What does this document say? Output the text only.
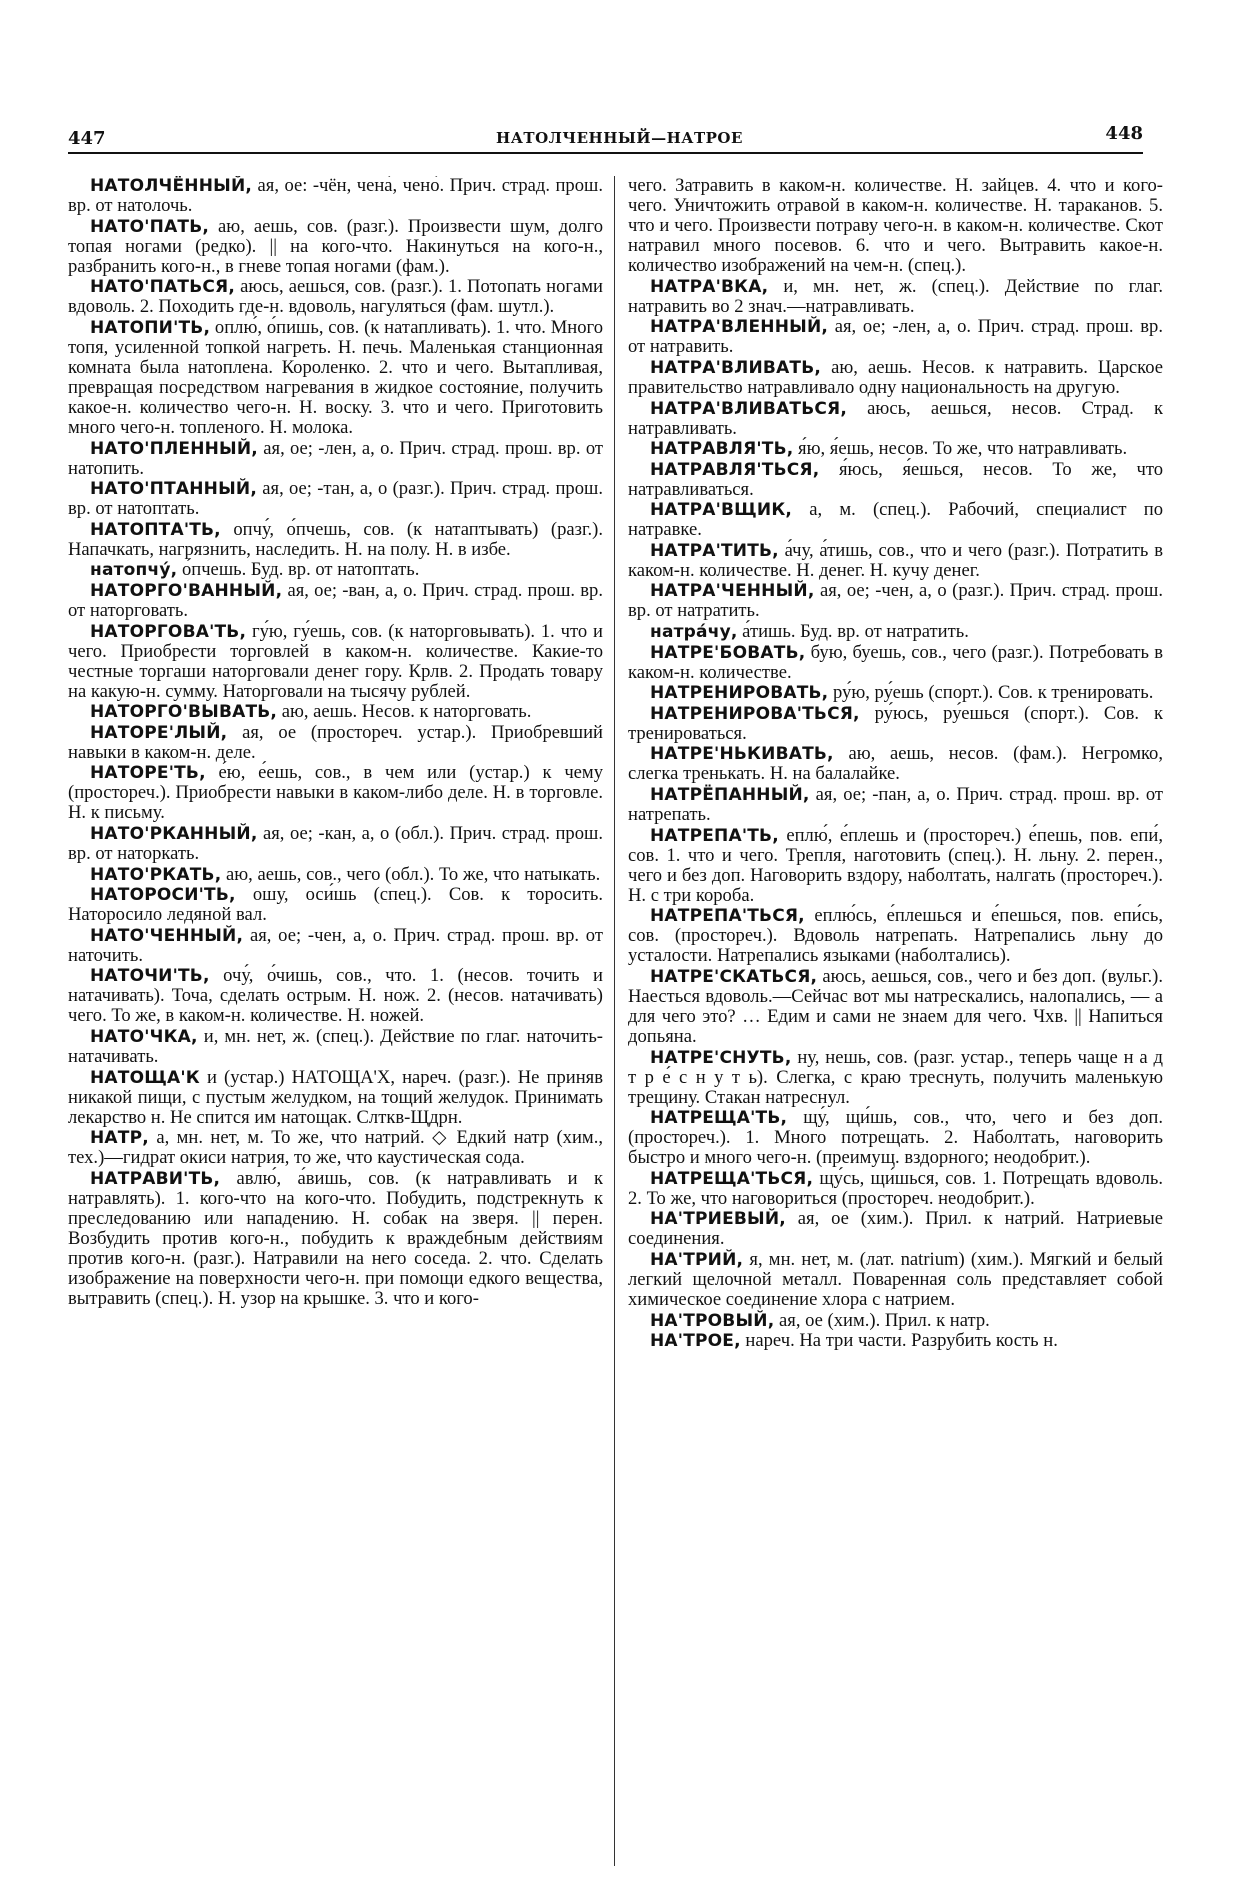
447	НАТОЛЧЕННЫЙ—НАТРОЕ	448

НАТОЛЧЁННЫЙ, ая, ое: -чён, чена́, чено́. Прич. страд. прош. вр. от натолочь.

НАТО'ПАТЬ, аю, аешь, сов. (разг.). Произвести шум, долго топая ногами (редко). || на кого-что. Накинуться на кого-н., разбранить кого-н., в гневе топая ногами (фам.).

НАТО'ПАТЬСЯ, аюсь, аешься, сов. (разг.). 1. Потопать ногами вдоволь. 2. Походить где-н. вдоволь, нагуляться (фам. шутл.).

НАТОПИ'ТЬ, оплю́, о́пишь, сов. (к натапливать). 1. что. Много топя, усиленной топкой нагреть. Н. печь. Маленькая станционная комната была натоплена. Короленко. 2. что и чего. Вытапливая, превращая посредством нагревания в жидкое состояние, получить какое-н. количество чего-н. Н. воску. 3. что и чего. Приготовить много чего-н. топленого. Н. молока.

НАТО'ПЛЕННЫЙ, ая, ое; -лен, а, о. Прич. страд. прош. вр. от натопить.

НАТО'ПТАННЫЙ, ая, ое; -тан, а, о (разг.). Прич. страд. прош. вр. от натоптать.

НАТОПТА'ТЬ, опчу́, о́пчешь, сов. (к натаптывать) (разг.). Напачкать, нагрязнить, наследить. Н. на полу. Н. в избе.

натопчу́, о́пчешь. Буд. вр. от натоптать.

НАТОРГО'ВАННЫЙ, ая, ое; -ван, а, о. Прич. страд. прош. вр. от наторговать.

НАТОРГОВА'ТЬ, гу́ю, гу́ешь, сов. (к наторговывать). 1. что и чего. Приобрести торговлей в каком-н. количестве. Какие-то честные торгаши наторговали денег гору. Крлв. 2. Продать товару на какую-н. сумму. Наторговали на тысячу рублей.

НАТОРГО'ВЫВАТЬ, аю, аешь. Несов. к наторговать.

НАТОРЕ'ЛЫЙ, ая, ое (простореч. устар.). Приобревший навыки в каком-н. деле.

НАТОРЕ'ТЬ, е́ю, е́ешь, сов., в чем или (устар.) к чему (простореч.). Приобрести навыки в каком-либо деле. Н. в торговле. Н. к письму.

НАТО'РКАННЫЙ, ая, ое; -кан, а, о (обл.). Прич. страд. прош. вр. от наторкать.

НАТО'РКАТЬ, аю, аешь, сов., чего (обл.). То же, что натыкать.

НАТОРОСИ'ТЬ, ошу, оси́шь (спец.). Сов. к торосить. Наторосило ледяной вал.

НАТО'ЧЕННЫЙ, ая, ое; -чен, а, о. Прич. страд. прош. вр. от наточить.

НАТОЧИ'ТЬ, очу́, о́чишь, сов., что. 1. (несов. точить и натачивать). Точа, сделать острым. Н. нож. 2. (несов. натачивать) чего. То же, в каком-н. количестве. Н. ножей.

НАТО'ЧКА, и, мн. нет, ж. (спец.). Действие по глаг. наточить-натачивать.

НАТОЩА'К и (устар.) НАТОЩА'Х, нареч. (разг.). Не приняв никакой пищи, с пустым желудком, на тощий желудок. Принимать лекарство н. Не спится им натощак. Слткв-Щдрн.

НАТР, а, мн. нет, м. То же, что натрий. ◇ Едкий натр (хим., тех.)—гидрат окиси натрия, то же, что каустическая сода.

НАТРАВИ'ТЬ, авлю́, а́вишь, сов. (к натравливать и к натравлять). 1. кого-что на кого-что. Побудить, подстрекнуть к преследованию или нападению. Н. собак на зверя. || перен. Возбудить против кого-н., побудить к враждебным действиям против кого-н. (разг.). Натравили на него соседа. 2. что. Сделать изображение на поверхности чего-н. при помощи едкого вещества, вытравить (спец.). Н. узор на крышке. 3. что и кого-

чего. Затравить в каком-н. количестве. Н. зайцев. 4. что и кого-чего. Уничтожить отравой в каком-н. количестве. Н. тараканов. 5. что и чего. Произвести потраву чего-н. в каком-н. количестве. Скот натравил много посевов. 6. что и чего. Вытравить какое-н. количество изображений на чем-н. (спец.).

НАТРА'ВКА, и, мн. нет, ж. (спец.). Действие по глаг. натравить во 2 знач.—натравливать.

НАТРА'ВЛЕННЫЙ, ая, ое; -лен, а, о. Прич. страд. прош. вр. от натравить.

НАТРА'ВЛИВАТЬ, аю, аешь. Несов. к натравить. Царское правительство натравливало одну национальность на другую.

НАТРА'ВЛИВАТЬСЯ, аюсь, аешься, несов. Страд. к натравливать.

НАТРАВЛЯ'ТЬ, я́ю, я́ешь, несов. То же, что натравливать.

НАТРАВЛЯ'ТЬСЯ, я́юсь, я́ешься, несов. То же, что натравливаться.

НАТРА'ВЩИК, а, м. (спец.). Рабочий, специалист по натравке.

НАТРА'ТИТЬ, а́чу, а́тишь, сов., что и чего (разг.). Потратить в каком-н. количестве. Н. денег. Н. кучу денег.

НАТРА'ЧЕННЫЙ, ая, ое; -чен, а, о (разг.). Прич. страд. прош. вр. от натратить.

натра́чу, а́тишь. Буд. вр. от натратить.

НАТРЕ'БОВАТЬ, бую, буешь, сов., чего (разг.). Потребовать в каком-н. количестве.

НАТРЕНИРОВАТЬ, ру́ю, ру́ешь (спорт.). Сов. к тренировать.

НАТРЕНИРОВА'ТЬСЯ, ру́юсь, ру́ешься (спорт.). Сов. к тренироваться.

НАТРЕ'НЬКИВАТЬ, аю, аешь, несов. (фам.). Негромко, слегка тренькать. Н. на балалайке.

НАТРЁПАННЫЙ, ая, ое; -пан, а, о. Прич. страд. прош. вр. от натрепать.

НАТРЕПА'ТЬ, еплю́, е́плешь и (простореч.) е́пешь, пов. епи́, сов. 1. что и чего. Трепля, наготовить (спец.). Н. льну. 2. перен., чего и без доп. Наговорить вздору, наболтать, налгать (простореч.). Н. с три короба.

НАТРЕПА'ТЬСЯ, еплю́сь, е́плешься и е́пешься, пов. епи́сь, сов. (простореч.). Вдоволь натрепать. Натрепались льну до усталости. Натрепались языками (наболтались).

НАТРЕ'СКАТЬСЯ, аюсь, аешься, сов., чего и без доп. (вульг.). Наесться вдоволь.—Сейчас вот мы натрескались, налопались, — а для чего это? … Едим и сами не знаем для чего. Чхв. || Напиться допьяна.

НАТРЕ'СНУТЬ, ну, нешь, сов. (разг. устар., теперь чаще н а д т р е́ с н у т ь). Слегка, с краю треснуть, получить маленькую трещину. Стакан натреснул.

НАТРЕЩА'ТЬ, щу́, щи́шь, сов., что, чего и без доп. (простореч.). 1. Много потрещать. 2. Наболтать, наговорить быстро и много чего-н. (преимущ. вздорного; неодобрит.).

НАТРЕЩА'ТЬСЯ, щу́сь, щи́шься, сов. 1. Потрещать вдоволь. 2. То же, что наговориться (простореч. неодобрит.).

НА'ТРИЕВЫЙ, ая, ое (хим.). Прил. к натрий. Натриевые соединения.

НА'ТРИЙ, я, мн. нет, м. (лат. natrium) (хим.). Мягкий и белый легкий щелочной металл. Поваренная соль представляет собой химическое соединение хлора с натрием.

НА'ТРОВЫЙ, ая, ое (хим.). Прил. к натр.

НА'ТРОЕ, нареч. На три части. Разрубить кость н.
